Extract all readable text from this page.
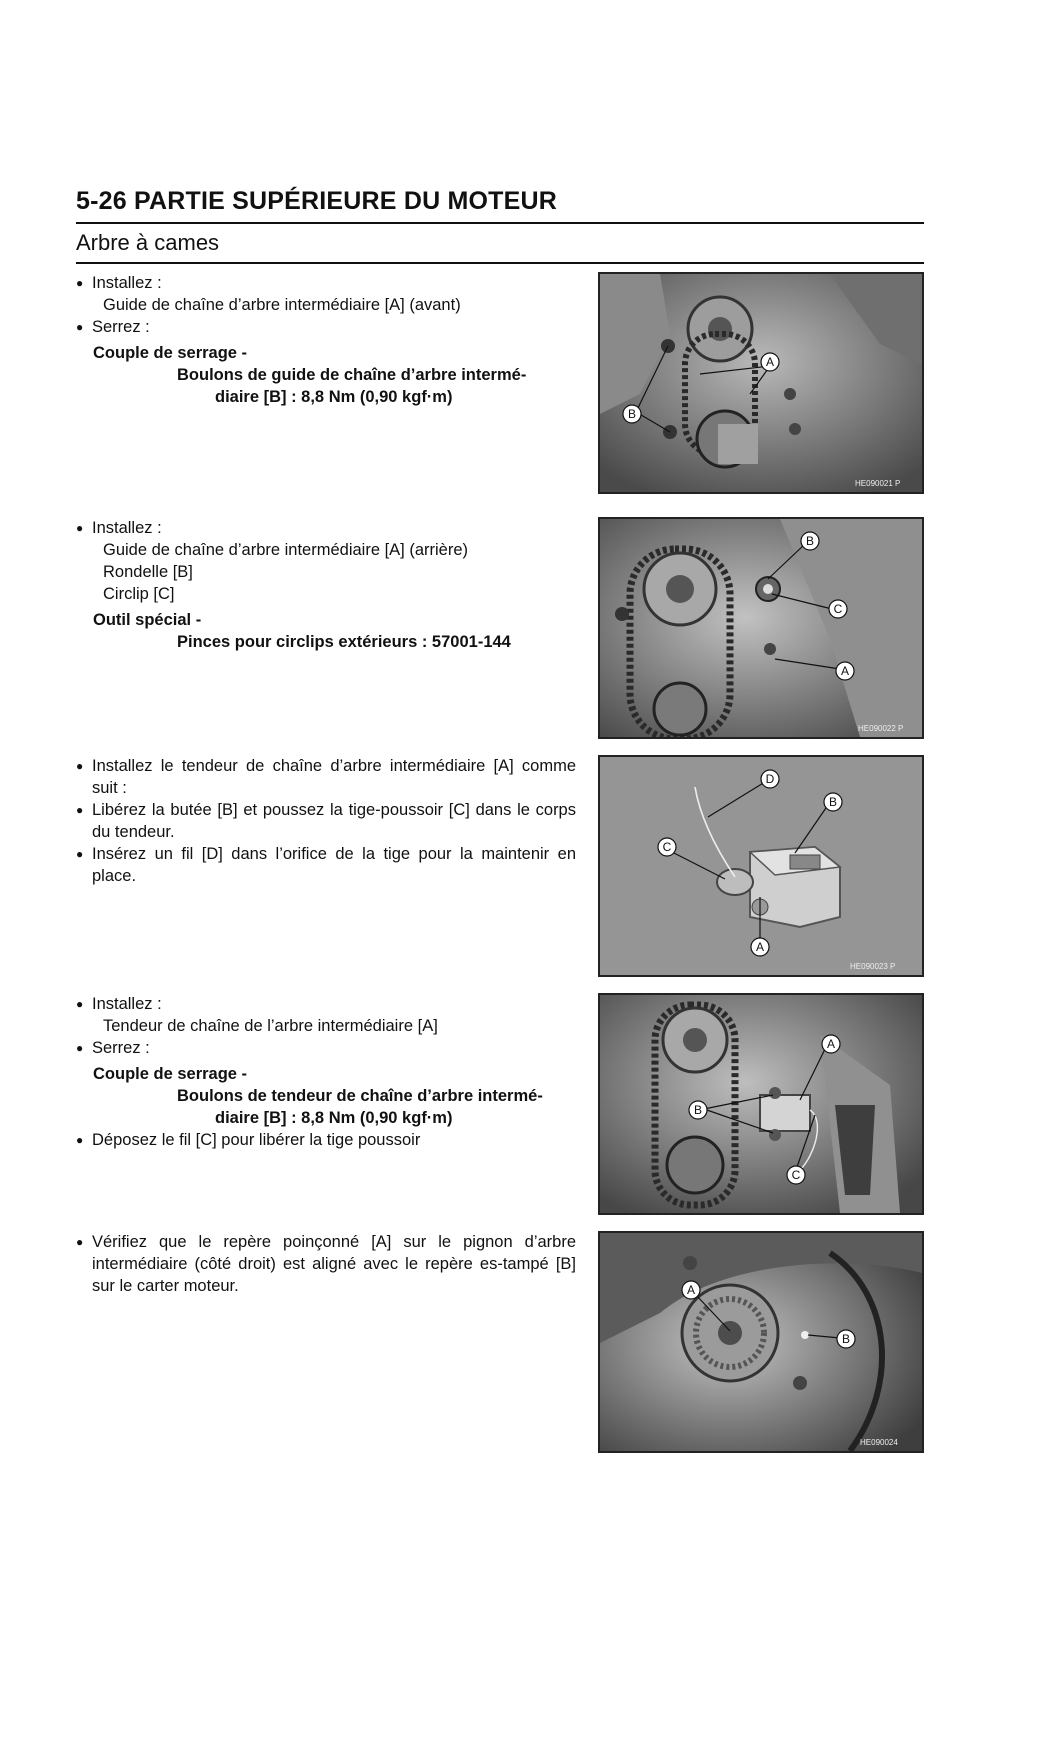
5-26 PARTIE SUPÉRIEURE DU MOTEUR
Arbre à cames
● Installez :
Guide de chaîne d’arbre intermédiaire [A] (avant)
● Serrez :
Couple de serrage -
Boulons de guide de chaîne d’arbre intermé-
diaire [B] : 8,8 Nm (0,90 kgf·m)
A
B
HE090021 P
● Installez :
Guide de chaîne d’arbre intermédiaire [A] (arrière)
Rondelle [B]
Circlip [C]
Outil spécial -
Pinces pour circlips extérieurs : 57001-144
B
C
A
HE090022 P
● Installez le tendeur de chaîne d’arbre intermédiaire [A] comme suit :
● Libérez la butée [B] et poussez la tige-poussoir [C] dans le corps du tendeur.
● Insérez un fil [D] dans l’orifice de la tige pour la maintenir en place.
D
B
C
A
HE090023 P
● Installez :
Tendeur de chaîne de l’arbre intermédiaire [A]
● Serrez :
Couple de serrage -
Boulons de tendeur de chaîne d’arbre intermé-
diaire [B] : 8,8 Nm (0,90 kgf·m)
● Déposez le fil [C] pour libérer la tige poussoir
A
B
C
● Vérifiez que le repère poinçonné [A] sur le pignon d’arbre intermédiaire (côté droit) est aligné avec le repère es-tampé [B] sur le carter moteur.	A
B
HE090024
